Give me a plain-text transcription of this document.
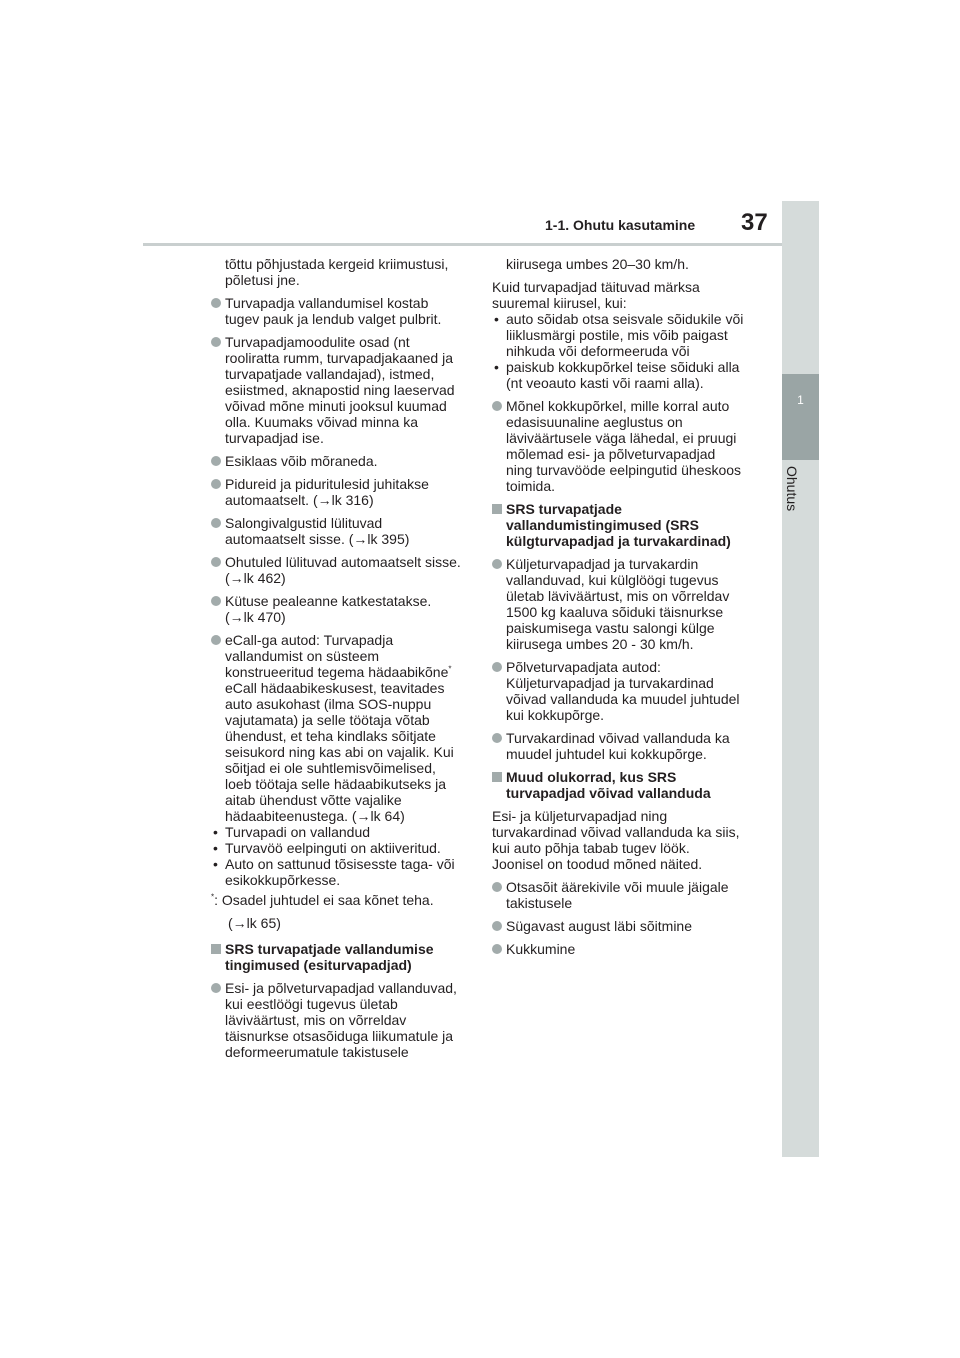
1-1. Ohutu kasutamine 37
1
Ohutus
tõttu põhjustada kergeid kriimustusi,
põletusi jne.
Turvapadja vallandumisel kostab
tugev pauk ja lendub valget pulbrit.
Turvapadjamoodulite osad (nt
rooliratta rumm, turvapadjakaaned ja
turvapatjade vallandajad), istmed,
esiistmed, aknapostid ning laeservad
võivad mõne minuti jooksul kuumad
olla. Kuumaks võivad minna ka
turvapadjad ise.
Esiklaas võib mõraneda.
Pidureid ja piduritulesid juhitakse
automaatselt. (→lk 316)
Salongivalgustid lülituvad
automaatselt sisse. (→lk 395)
Ohutuled lülituvad automaatselt sisse.
(→lk 462)
Kütuse pealeanne katkestatakse.
(→lk 470)
eCall-ga autod: Turvapadja
vallandumist on süsteem
konstrueeritud tegema hädaabikõne*
eCall hädaabikeskusest, teavitades
auto asukohast (ilma SOS-nuppu
vajutamata) ja selle töötaja võtab
ühendust, et teha kindlaks sõitjate
seisukord ning kas abi on vajalik. Kui
sõitjad ei ole suhtlemisvõimelised,
loeb töötaja selle hädaabikutseks ja
aitab ühendust võtte vajalike
hädaabiteenustega. (→lk 64)
• Turvapadi on vallandud
• Turvavöö eelpinguti on aktiiveritud.
• Auto on sattunud tõsisesste taga- või
esikokkupõrkesse.
*: Osadel juhtudel ei saa kõnet teha.
(→lk 65)
SRS turvapatjade vallandumise
tingimused (esiturvapadjad)
Esi- ja põlveturvapadjad vallanduvad,
kui eestlöögi tugevus ületab
läviväärtust, mis on võrreldav
täisnurkse otsasõiduga liikumatule ja
deformeerumatule takistusele
kiirusega umbes 20–30 km/h.
Kuid turvapadjad täituvad märksa
suuremal kiirusel, kui:
• auto sõidab otsa seisvale sõidukile või
liiklusmärgi postile, mis võib paigast
nihkuda või deformeeruda või
• paiskub kokkupõrkel teise sõiduki alla
(nt veoauto kasti või raami alla).
Mõnel kokkupõrkel, mille korral auto
edasisuunaline aeglustus on
läviväärtusele väga lähedal, ei pruugi
mõlemad esi- ja põlveturvapadjad
ning turvavööde eelpingutid üheskoos
toimida.
SRS turvapatjade
vallandumistingimused (SRS
külgturvapadjad ja turvakardinad)
Küljeturvapadjad ja turvakardin
vallanduvad, kui külglöögi tugevus
ületab läviväärtust, mis on võrreldav
1500 kg kaaluva sõiduki täisnurkse
paiskumisega vastu salongi külge
kiirusega umbes 20 - 30 km/h.
Põlveturvapadjata autod:
Küljeturvapadjad ja turvakardinad
võivad vallanduda ka muudel juhtudel
kui kokkupõrge.
Turvakardinad võivad vallanduda ka
muudel juhtudel kui kokkupõrge.
Muud olukorrad, kus SRS
turvapadjad võivad vallanduda
Esi- ja küljeturvapadjad ning
turvakardinad võivad vallanduda ka siis,
kui auto põhja tabab tugev löök.
Joonisel on toodud mõned näited.
Otsasõit äärekivile või muule jäigale
takistusele
Sügavast august läbi sõitmine
Kukkumine
